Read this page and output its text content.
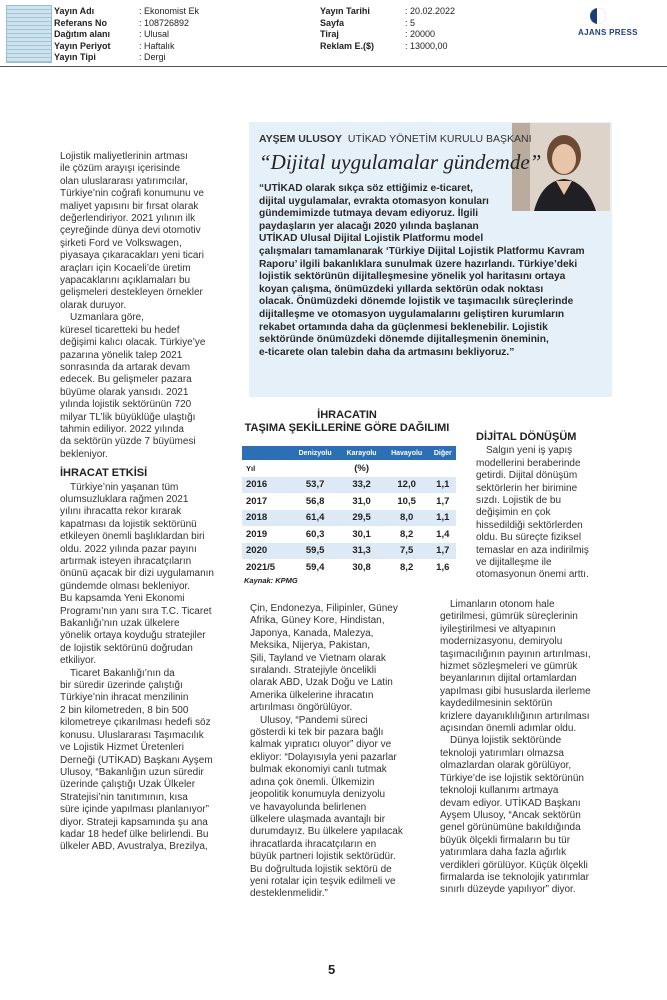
Yayın Adı	: Ekonomist Ek
Referans No	: 108726892
Dağıtım alanı	: Ulusal
Yayın Periyot	: Haftalık
Yayın Tipi	: Dergi
Yayın Tarihi	: 20.02.2022
Sayfa	: 5
Tiraj	: 20000
Reklam E.($)	: 13000,00
AJANS PRESS

Lojistik maliyetlerinin artması
ile çözüm arayışı içerisinde
olan uluslararası yatırımcılar,
Türkiye’nin coğrafi konumunu ve
maliyet yapısını bir fırsat olarak
değerlendiriyor. 2021 yılının ilk
çeyreğinde dünya devi otomotiv
şirketi Ford ve Volkswagen,
piyasaya çıkaracakları yeni ticari
araçları için Kocaeli’de üretim
yapacaklarını açıklamaları bu
gelişmeleri destekleyen örnekler
olarak duruyor.

Uzmanlara göre,
küresel ticaretteki bu hedef
değişimi kalıcı olacak. Türkiye’ye
pazarına yönelik talep 2021
sonrasında da artarak devam
edecek. Bu gelişmeler pazara
büyüme olarak yansıdı. 2021
yılında lojistik sektörünün 720
milyar TL’lik büyüklüğe ulaştığı
tahmin ediliyor. 2022 yılında
da sektörün yüzde 7 büyümesi
bekleniyor.

İHRACAT ETKİSİ

Türkiye’nin yaşanan tüm
olumsuzluklara rağmen 2021
yılını ihracatta rekor kırarak
kapatması da lojistik sektörünü
etkileyen önemli başlıklardan biri
oldu. 2022 yılında pazar payını
artırmak isteyen ihracatçıların
önünü açacak bir dizi uygulamanın
gündemde olması bekleniyor.
Bu kapsamda Yeni Ekonomi
Programı’nın yanı sıra T.C. Ticaret
Bakanlığı’nın uzak ülkelere
yönelik ortaya koyduğu stratejiler
de lojistik sektörünü doğrudan
etkiliyor.

Ticaret Bakanlığı’nın da
bir süredir üzerinde çalıştığı
Türkiye’nin ihracat menzilinin
2 bin kilometreden, 8 bin 500
kilometreye çıkarılması hedefi söz
konusu. Uluslararası Taşımacılık
ve Lojistik Hizmet Üretenleri
Derneği (UTİKAD) Başkanı Ayşem
Ulusoy, “Bakanlığın uzun süredir
üzerinde çalıştığı Uzak Ülkeler
Stratejisi’nin tanıtımının, kısa
süre içinde yapılması planlanıyor”
diyor. Strateji kapsamında şu ana
kadar 18 hedef ülke belirlendi. Bu
ülkeler ABD, Avustralya, Brezilya,

AYŞEM ULUSOY UTİKAD YÖNETİM KURULU BAŞKANI
“Dijital uygulamalar gündemde”
“UTİKAD olarak sıkça söz ettiğimiz e-ticaret,
dijital uygulamalar, evrakta otomasyon konuları
gündemimizde tutmaya devam ediyoruz. İlgili
paydaşların yer alacağı 2020 yılında başlanan
UTİKAD Ulusal Dijital Lojistik Platformu model
çalışmaları tamamlanarak ‘Türkiye Dijital Lojistik Platformu Kavram
Raporu’ ilgili bakanlıklara sunulmak üzere hazırlandı. Türkiye’deki
lojistik sektörünün dijitalleşmesine yönelik yol haritasını ortaya
koyan çalışma, önümüzdeki yıllarda sektörün odak noktası
olacak. Önümüzdeki dönemde lojistik ve taşımacılık süreçlerinde
dijitalleşme ve otomasyon uygulamalarını geliştiren kurumların
rekabet ortamında daha da güçlenmesi beklenebilir. Lojistik
sektöründe önümüzdeki dönemde dijitalleşmenin öneminin,
e-ticarete olan talebin daha da artmasını bekliyoruz.”
İHRACATIN
TAŞIMA ŞEKİLLERİNE GÖRE DAĞILIMI
	Denizyolu	Karayolu	Havayolu	Diğer
Yıl		(%)		
2016	53,7	33,2	12,0	1,1
2017	56,8	31,0	10,5	1,7
2018	61,4	29,5	8,0	1,1
2019	60,3	30,1	8,2	1,4
2020	59,5	31,3	7,5	1,7
2021/5	59,4	30,8	8,2	1,6
Kaynak: KPMG

Çin, Endonezya, Filipinler, Güney
Afrika, Güney Kore, Hindistan,
Japonya, Kanada, Malezya,
Meksika, Nijerya, Pakistan,
Şili, Tayland ve Vietnam olarak
sıralandı. Stratejiyle öncelikli
olarak ABD, Uzak Doğu ve Latin
Amerika ülkelerine ihracatın
artırılması öngörülüyor.

Ulusoy, “Pandemi süreci
gösterdi ki tek bir pazara bağlı
kalmak yıpratıcı oluyor” diyor ve
ekliyor: “Dolayısıyla yeni pazarlar
bulmak ekonomiyi canlı tutmak
adına çok önemli. Ülkemizin
jeopolitik konumuyla denizyolu
ve havayolunda belirlenen
ülkelere ulaşmada avantajlı bir
durumdayız. Bu ülkelere yapılacak
ihracatlarda ihracatçıların en
büyük partneri lojistik sektörüdür.
Bu doğrultuda lojistik sektörü de
yeni rotalar için teşvik edilmeli ve
desteklenmelidir.”

DİJİTAL DÖNÜŞÜM

Salgın yeni iş yapış
modellerini beraberinde
getirdi. Dijital dönüşüm
sektörlerin her birimine
sızdı. Lojistik de bu
değişimin en çok
hissedildiği sektörlerden
oldu. Bu süreçte fiziksel
temaslar en aza indirilmiş
ve dijitalleşme ile
otomasyonun önemi arttı.

Limanların otonom hale
getirilmesi, gümrük süreçlerinin
iyileştirilmesi ve altyapının
modernizasyonu, demiryolu
taşımacılığının payının artırılması,
hizmet sözleşmeleri ve gümrük
beyanlarının dijital ortamlardan
yapılması gibi hususlarda ilerleme
kaydedilmesinin sektörün
krizlere dayanıklılığının artırılması
açısından önemli adımlar oldu.

Dünya lojistik sektöründe
teknoloji yatırımları olmazsa
olmazlardan olarak görülüyor,
Türkiye’de ise lojistik sektörünün
teknoloji kullanımı artmaya
devam ediyor. UTİKAD Başkanı
Ayşem Ulusoy, “Ancak sektörün
genel görünümüne bakıldığında
büyük ölçekli firmaların bu tür
yatırımlara daha fazla ağırlık
verdikleri görülüyor. Küçük ölçekli
firmalarda ise teknolojik yatırımlar
sınırlı düzeyde yapılıyor” diyor.

5
